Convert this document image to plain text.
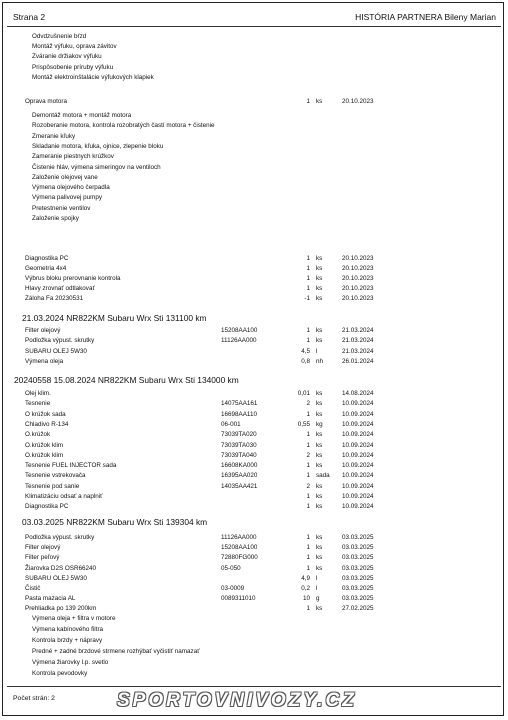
Strana 2	HISTÓRIA PARTNERA Bileny Marian
Odvdzušnenie bŕzd
Montáž výfuku, oprava závitov
Zváranie držiakov výfuku
Prispôsobenie príruby výfuku
Montáž elektroinštalácie výfukových klapiek
Oprava motora	1 ks	20.10.2023
Demontáž motora + montáž motora
Rozoberanie motora, kontrola rozobratých častí motora + čistenie
Zmeranie kľuky
Skladanie motora, kľuka, ojnice, zlepenie bloku
Zameranie piestnych krúžkov
Čistenie hláv, výmena simeringov na ventiloch
Založenie olejovej vane
Výmena olejového čerpadla
Výmena palivovej pumpy
Pretestnenie ventilov
Založenie spojky
Diagnostika PC	1 ks	20.10.2023
Geometria 4x4	1 ks	20.10.2023
Výbrus bloku prerovnanie kontrola	1 ks	20.10.2023
Hlavy zrovnať odtlakovať	1 ks	20.10.2023
Záloha Fa 20230531	-1 ks	20.10.2023
21.03.2024 NR822KM Subaru Wrx Sti 131100 km
Filter olejový	15208AA100	1 ks	21.03.2024
Podložka výpust. skrutky	11126AA000	1 ks	21.03.2024
SUBARU OLEJ 5W30	4,5 l	21.03.2024
Výmena oleja	0,8 nh	26.01.2024
20240558 15.08.2024 NR822KM Subaru Wrx Sti 134000 km
Olej klim.	0,01 ks	14.08.2024
Tesnenie	14075AA161	2 ks	10.09.2024
O krúžok sada	16698AA110	1 ks	10.09.2024
Chladivo R-134	06-001	0,55 kg	10.09.2024
O.krúžok	73039TA020	1 ks	10.09.2024
O.krúžok klim	73039TA030	1 ks	10.09.2024
O.krúžok klim	73039TA040	2 ks	10.09.2024
Tesnenie FUEL INJECTOR sada	16608KA000	1 ks	10.09.2024
Tesnenie vstrekovača	16395AA020	1 sada 10.09.2024
Tesnenie pod sanie	14035AA421	2 ks	10.09.2024
Klimatizáciu odsať a naplniť	1 ks	10.09.2024
Diagnostika PC	1 ks	10.09.2024
03.03.2025 NR822KM Subaru Wrx Sti 139304 km
Podložka výpust. skrutky	11126AA000	1 ks	03.03.2025
Filter olejový	15208AA100	1 ks	03.03.2025
Filter peľový	72880FG000	1 ks	03.03.2025
Žiarovka D2S OSR66240	05-050	1 ks	03.03.2025
SUBARU OLEJ 5W30	4,9 l	03.03.2025
Čistič	03-0009	0,2 l	03.03.2025
Pasta mazacia AL	0089311010	10 g	03.03.2025
Prehliadka po 139 200km	1 ks	27.02.2025
Výmena oleja + filtra v motore
Výmena kabínového filtra
Kontrola brzdy + nápravy
Predné + zadné brzdové strmene rozhýbať vyčistiť namazať
Výmena žiarovky l.p. svetlo
Kontrola pevodovky
Počet strán: 2	SPORTOVNIVOZY.CZ
